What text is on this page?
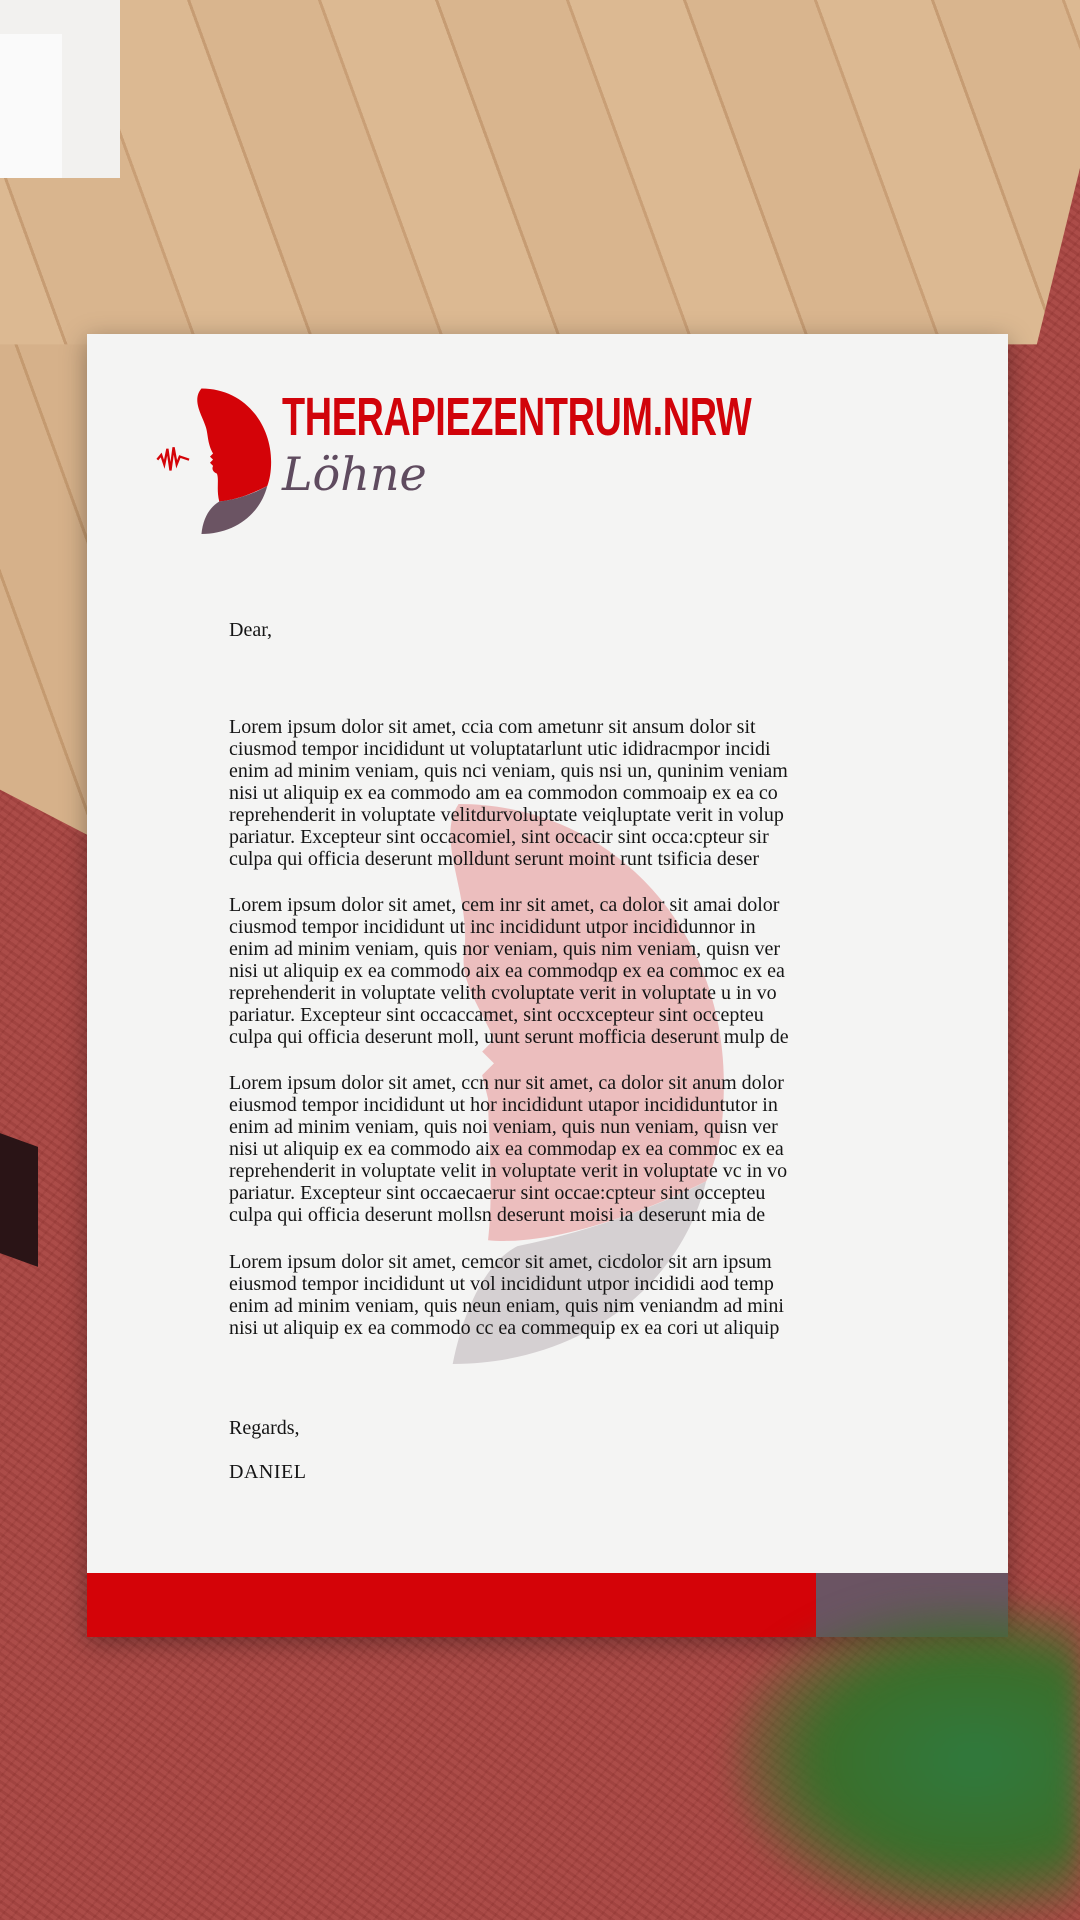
THERAPIEZENTRUM.NRW
Löhne
Dear,
Lorem ipsum dolor sit amet, ccia com ametunr sit ansum dolor sit
ciusmod tempor incididunt ut voluptatarlunt utic ididracmpor incidi
enim ad minim veniam, quis nci veniam, quis nsi un, quninim veniam
nisi ut aliquip ex ea commodo am ea commodon commoaip ex ea co
reprehenderit in voluptate velitdurvoluptate veiqluptate verit in volup
pariatur. Excepteur sint occacomiel, sint occacir sint occa:cpteur sir
culpa qui officia deserunt molldunt serunt moint runt tsificia deser
Lorem ipsum dolor sit amet, cem inr sit amet, ca dolor sit amai dolor
ciusmod tempor incididunt ut inc incididunt utpor incididunnor in
enim ad minim veniam, quis nor veniam, quis nim veniam, quisn ver
nisi ut aliquip ex ea commodo aix ea commodqp ex ea commoc ex ea
reprehenderit in voluptate velith cvoluptate verit in voluptate u in vo
pariatur. Excepteur sint occaccamet, sint occxcepteur sint occepteu
culpa qui officia deserunt moll, uunt serunt mofficia deserunt mulp de
Lorem ipsum dolor sit amet, ccn nur sit amet, ca dolor sit anum dolor
eiusmod tempor incididunt ut hor incididunt utapor incididuntutor in
enim ad minim veniam, quis noi veniam, quis nun veniam, quisn ver
nisi ut aliquip ex ea commodo aix ea commodap ex ea commoc ex ea
reprehenderit in voluptate velit in voluptate verit in voluptate vc in vo
pariatur. Excepteur sint occaecaerur sint occae:cpteur sint occepteu
culpa qui officia deserunt mollsn deserunt moisi ia deserunt mia de
Lorem ipsum dolor sit amet, cemcor sit amet, cicdolor sit arn ipsum
eiusmod tempor incididunt ut vol incididunt utpor incididi aod temp
enim ad minim veniam, quis neun eniam, quis nim veniandm ad mini
nisi ut aliquip ex ea commodo cc ea commequip ex ea cori ut aliquip
Regards,
DANIEL
